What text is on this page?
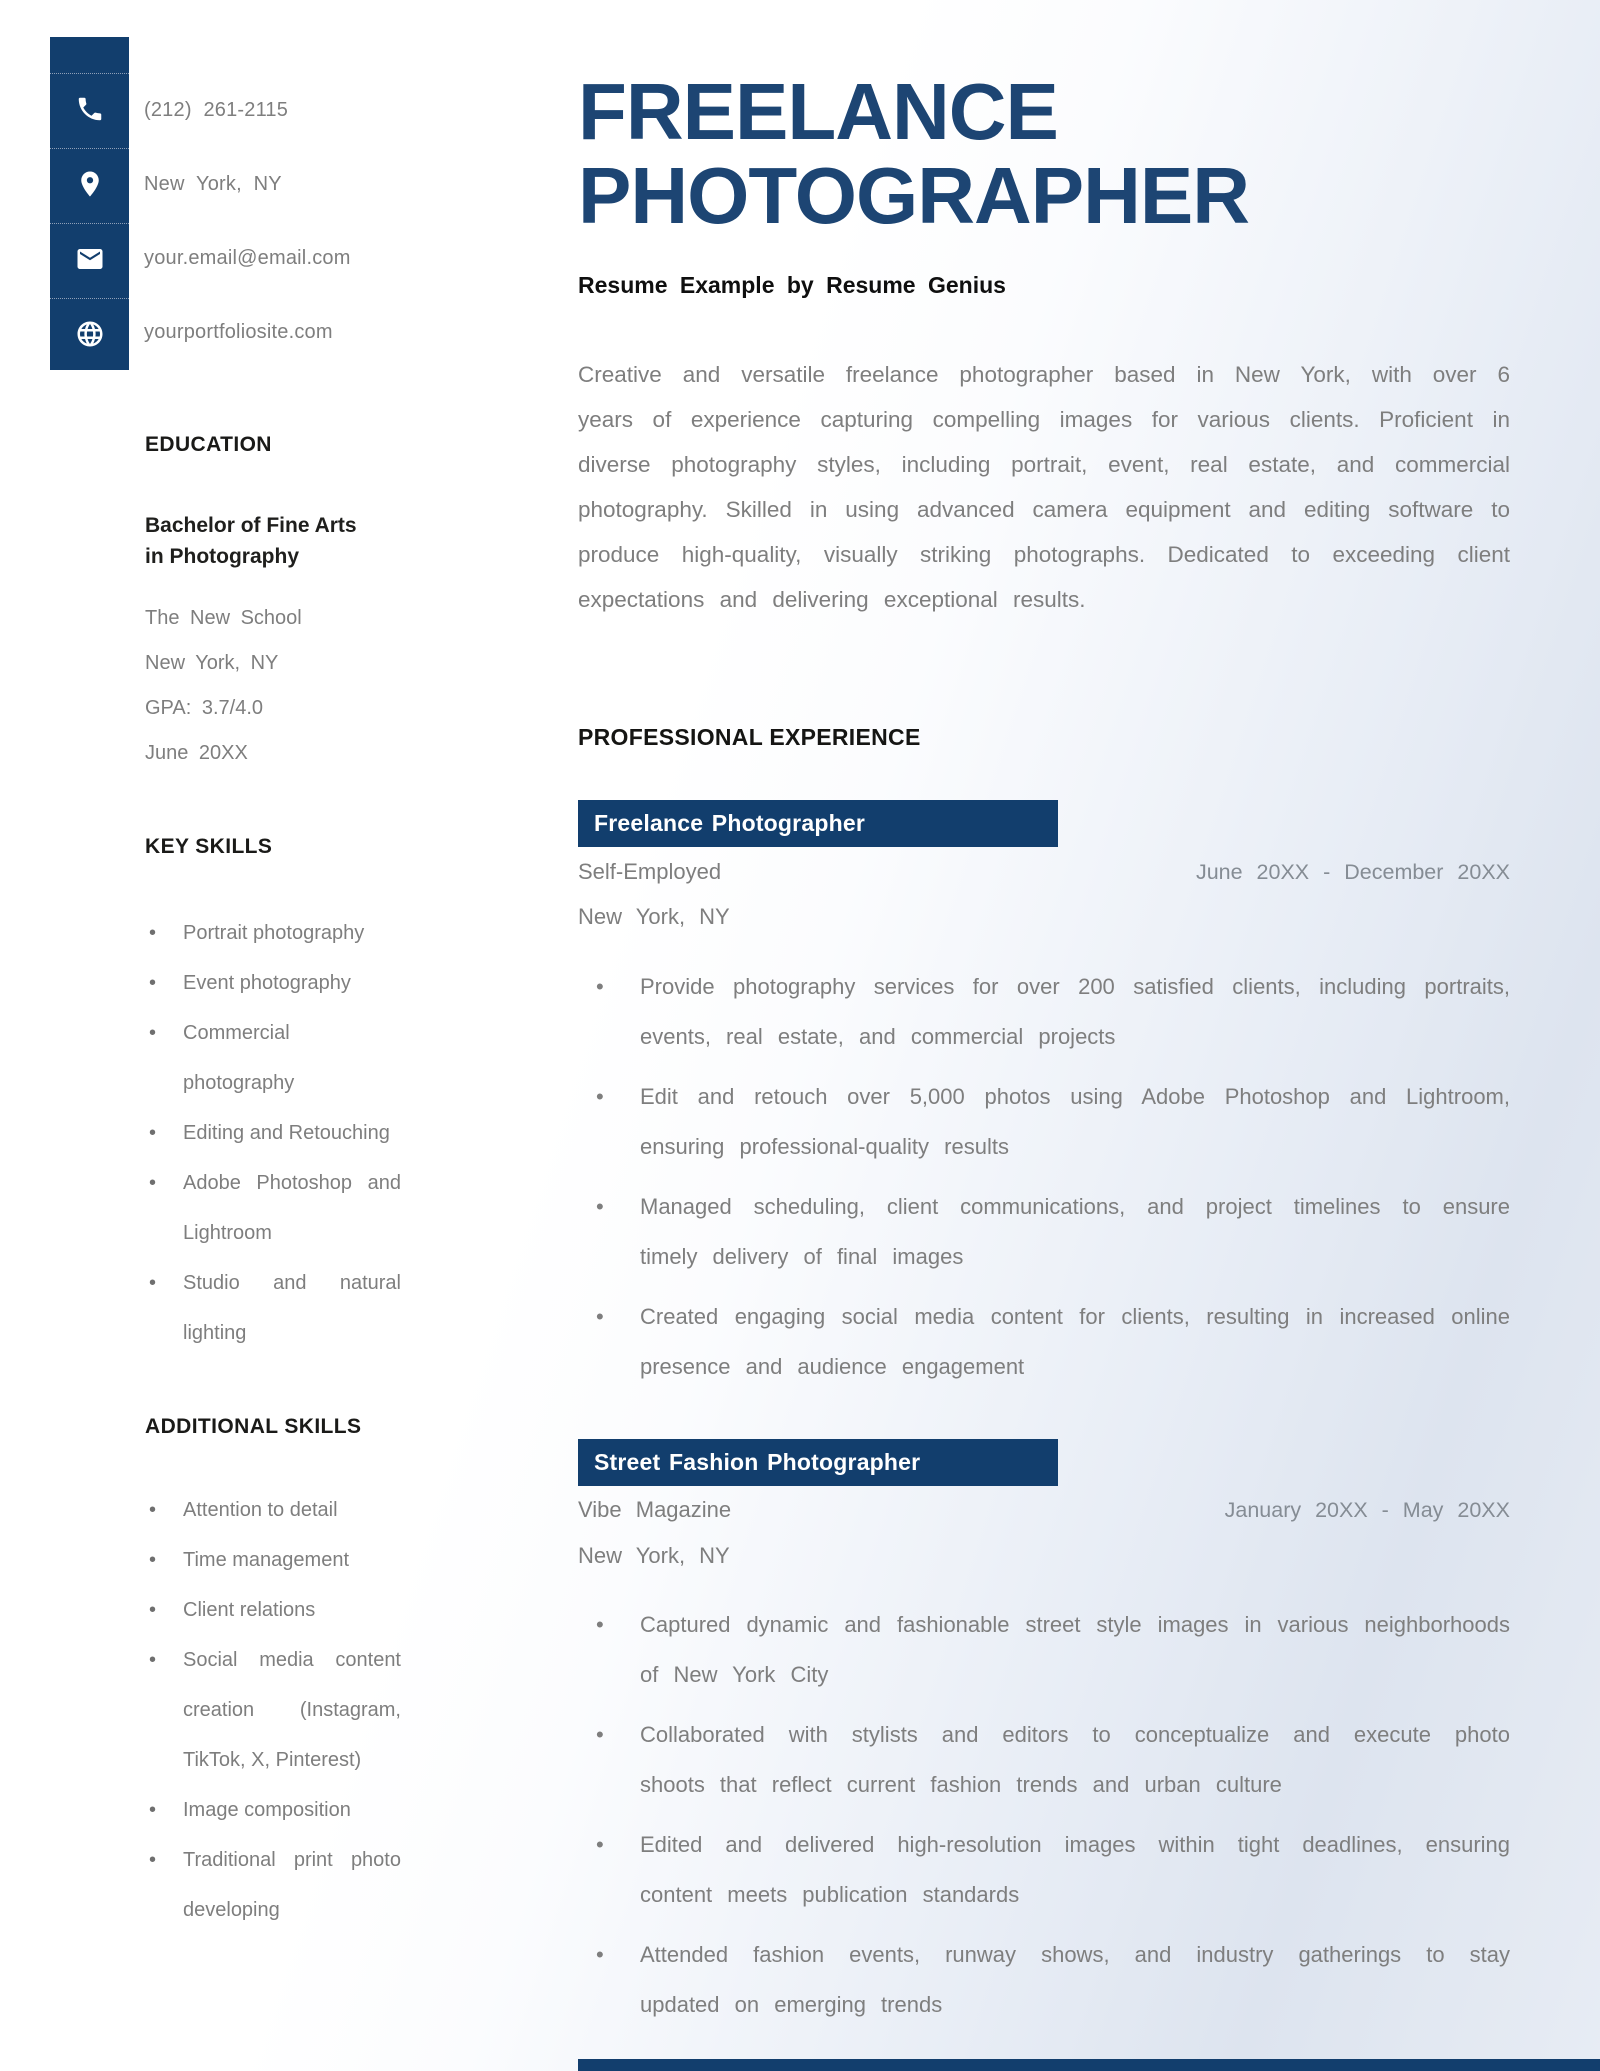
(212) 261-2115
New York, NY
your.email@email.com
yourportfoliosite.com
EDUCATION
Bachelor of Fine Arts in Photography
The New School
New York, NY
GPA: 3.7/4.0
June 20XX
KEY SKILLS
• Portrait photography
• Event photography
• Commercial photography
• Editing and Retouching
• Adobe Photoshop and Lightroom
• Studio and natural lighting
ADDITIONAL SKILLS
• Attention to detail
• Time management
• Client relations
• Social media content creation (Instagram, TikTok, X, Pinterest)
• Image composition
• Traditional print photo developing
FREELANCE PHOTOGRAPHER
Resume Example by Resume Genius
Creative and versatile freelance photographer based in New York, with over 6 years of experience capturing compelling images for various clients. Proficient in diverse photography styles, including portrait, event, real estate, and commercial photography. Skilled in using advanced camera equipment and editing software to produce high-quality, visually striking photographs. Dedicated to exceeding client expectations and delivering exceptional results.
PROFESSIONAL EXPERIENCE
Freelance Photographer
Self-Employed	June 20XX - December 20XX
New York, NY
• Provide photography services for over 200 satisfied clients, including portraits, events, real estate, and commercial projects
• Edit and retouch over 5,000 photos using Adobe Photoshop and Lightroom, ensuring professional-quality results
• Managed scheduling, client communications, and project timelines to ensure timely delivery of final images
• Created engaging social media content for clients, resulting in increased online presence and audience engagement
Street Fashion Photographer
Vibe Magazine	January 20XX - May 20XX
New York, NY
• Captured dynamic and fashionable street style images in various neighborhoods of New York City
• Collaborated with stylists and editors to conceptualize and execute photo shoots that reflect current fashion trends and urban culture
• Edited and delivered high-resolution images within tight deadlines, ensuring content meets publication standards
• Attended fashion events, runway shows, and industry gatherings to stay updated on emerging trends
